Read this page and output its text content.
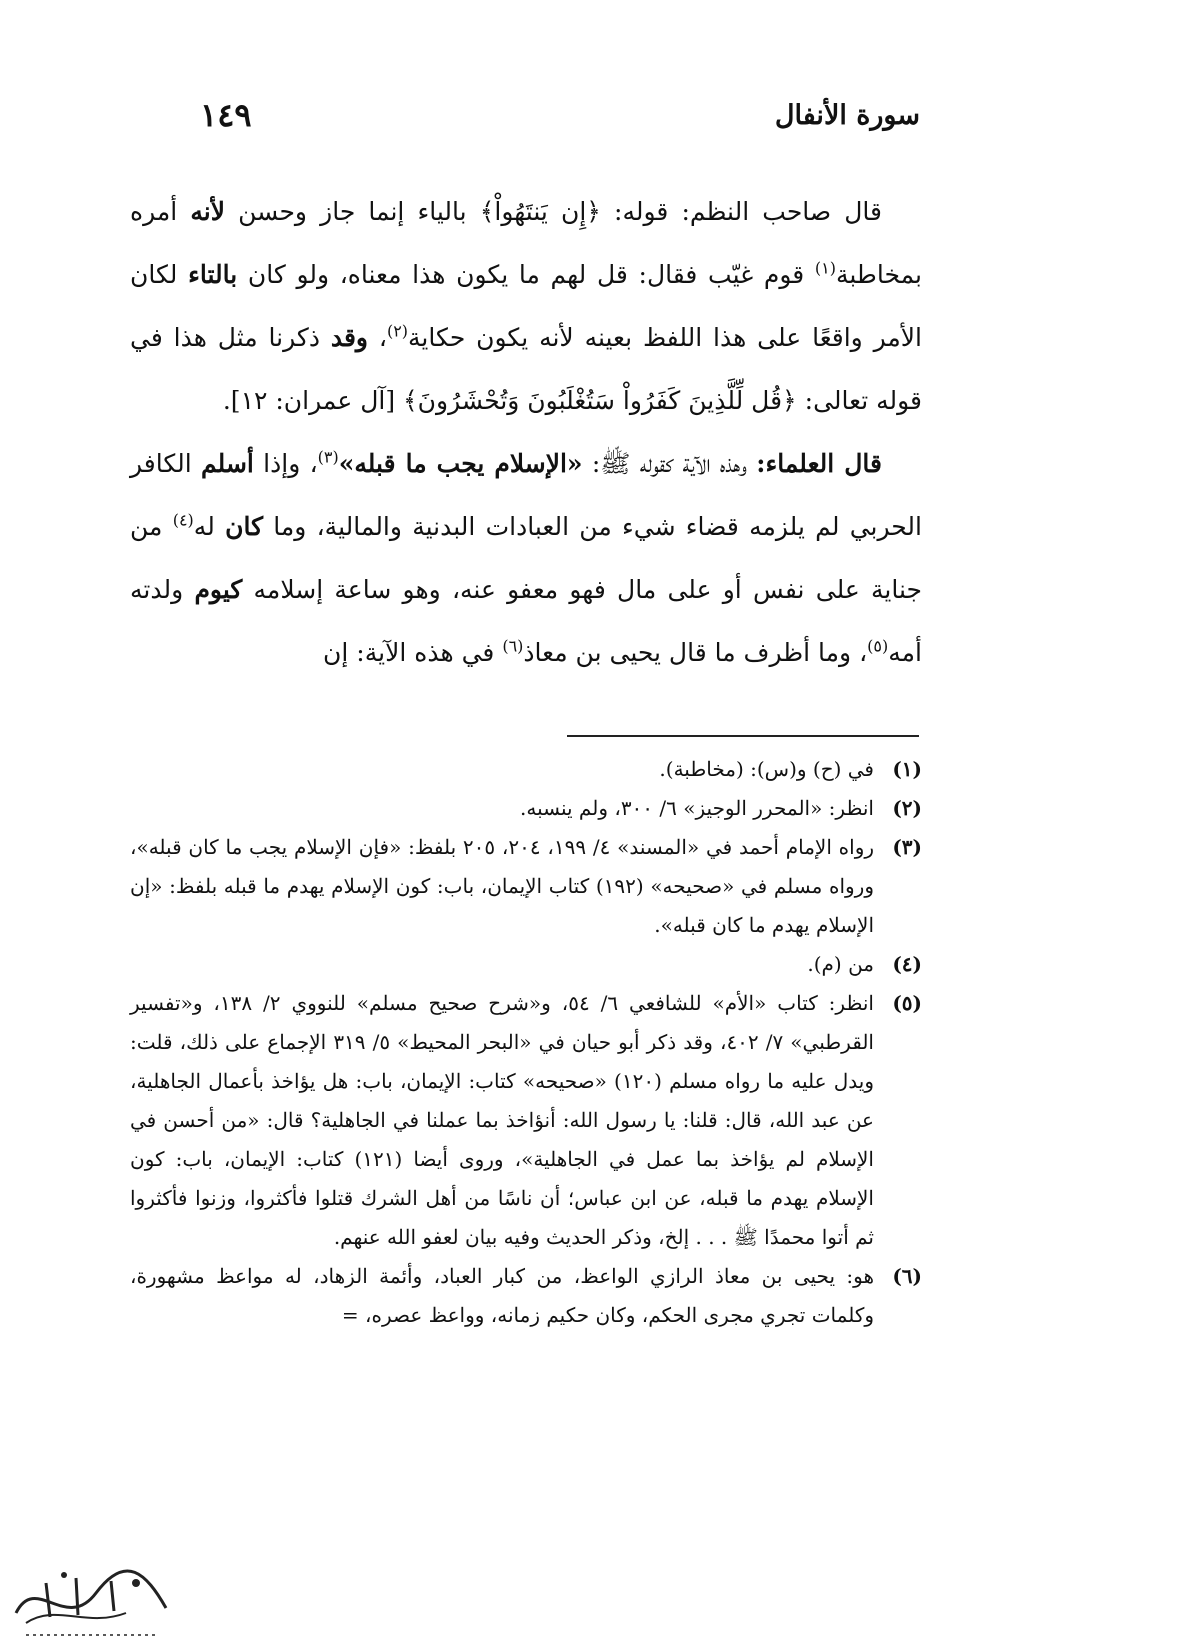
سورة الأنفال
١٤٩

قال صاحب النظم: قوله: ﴿إِن يَنتَهُواْ﴾ بالياء إنما جاز وحسن لأنه أمره بمخاطبة$^{(١)}$ قوم غيّب فقال: قل لهم ما يكون هذا معناه، ولو كان بالتاء لكان الأمر واقعًا على هذا اللفظ بعينه لأنه يكون حكاية$^{(٢)}$، وقد ذكرنا مثل هذا في قوله تعالى: ﴿قُل لِّلَّذِينَ كَفَرُواْ سَتُغْلَبُونَ وَتُحْشَرُونَ﴾ [آل عمران: ١٢].

قال العلماء: وهذه الآية كقوله ﷺ: «الإسلام يجب ما قبله»$^{(٣)}$، وإذا أسلم الكافر الحربي لم يلزمه قضاء شيء من العبادات البدنية والمالية، وما كان له$^{(٤)}$ من جناية على نفس أو على مال فهو معفو عنه، وهو ساعة إسلامه كيوم ولدته أمه$^{(٥)}$، وما أظرف ما قال يحيى بن معاذ$^{(٦)}$ في هذه الآية: إن

(١)
في (ح) و(س): (مخاطبة).

(٢)
انظر: «المحرر الوجيز» ٦/ ٣٠٠، ولم ينسبه.

(٣)
رواه الإمام أحمد في «المسند» ٤/ ١٩٩، ٢٠٤، ٢٠٥ بلفظ: «فإن الإسلام يجب ما كان قبله»، ورواه مسلم في «صحيحه» (١٩٢) كتاب الإيمان، باب: كون الإسلام يهدم ما قبله بلفظ: «إن الإسلام يهدم ما كان قبله».

(٤)
من (م).

(٥)
انظر: كتاب «الأم» للشافعي ٦/ ٥٤، و«شرح صحيح مسلم» للنووي ٢/ ١٣٨، و«تفسير القرطبي» ٧/ ٤٠٢، وقد ذكر أبو حيان في «البحر المحيط» ٥/ ٣١٩ الإجماع على ذلك، قلت: ويدل عليه ما رواه مسلم (١٢٠) «صحيحه» كتاب: الإيمان، باب: هل يؤاخذ بأعمال الجاهلية، عن عبد الله، قال: قلنا: يا رسول الله: أنؤاخذ بما عملنا في الجاهلية؟ قال: «من أحسن في الإسلام لم يؤاخذ بما عمل في الجاهلية»، وروى أيضا (١٢١) كتاب: الإيمان، باب: كون الإسلام يهدم ما قبله، عن ابن عباس؛ أن ناسًا من أهل الشرك قتلوا فأكثروا، وزنوا فأكثروا ثم أتوا محمدًا ﷺ . . . إلخ، وذكر الحديث وفيه بيان لعفو الله عنهم.

(٦)
هو: يحيى بن معاذ الرازي الواعظ، من كبار العباد، وأئمة الزهاد، له مواعظ مشهورة، وكلمات تجري مجرى الحكم، وكان حكيم زمانه، وواعظ عصره، =
